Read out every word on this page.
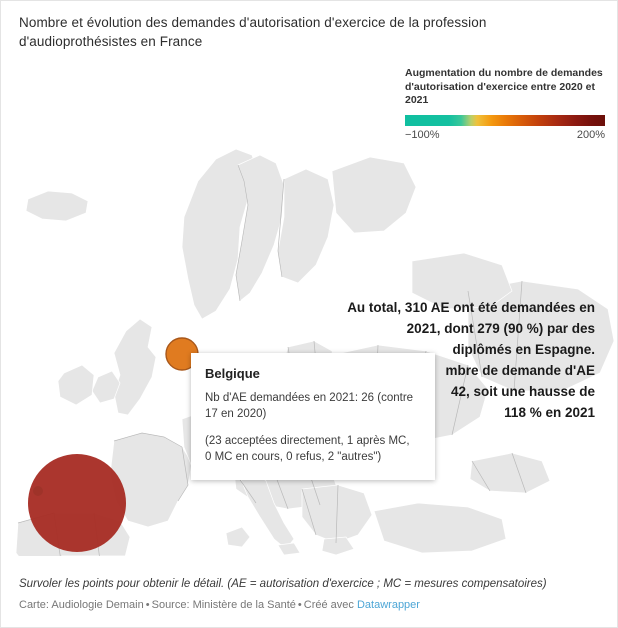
Nombre et évolution des demandes d'autorisation d'exercice de la profession d'audioprothésistes en France
Augmentation du nombre de demandes d'autorisation d'exercice entre 2020 et 2021
−100%	200%
Au total, 310 AE ont été demandées en
2021, dont 279 (90 %) par des
diplômés en Espagne.
mbre de demande d'AE
42, soit une hausse de
118 % en 2021
Belgique
Nb d'AE demandées en 2021: 26 (contre
17 en 2020)
(23 acceptées directement, 1 après MC,
0 MC en cours, 0 refus, 2 "autres")
Survoler les points pour obtenir le détail. (AE = autorisation d'exercice ; MC = mesures compensatoires)
Carte: Audiologie Demain • Source: Ministère de la Santé • Créé avec Datawrapper
